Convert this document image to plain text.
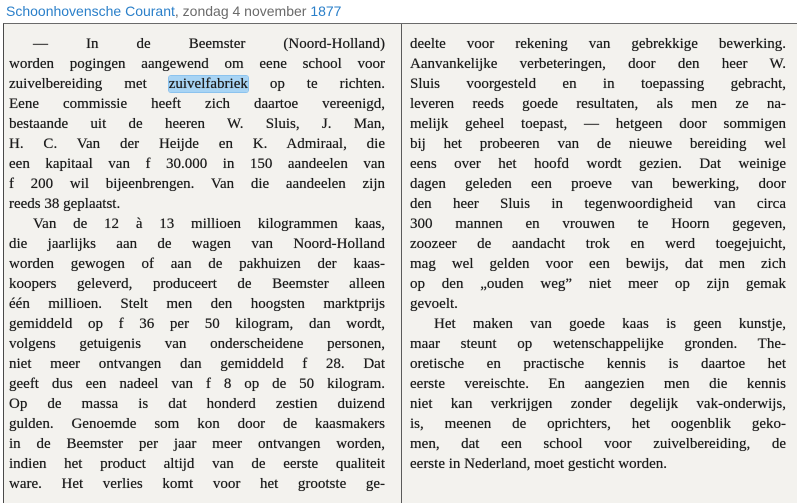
Schoonhovensche Courant, zondag 4 november 1877
— In de Beemster (Noord-Holland)
worden pogingen aangewend om eene school voor
zuivelbereiding met zuivelfabriek op te richten.
Eene commissie heeft zich daartoe vereenigd,
bestaande uit de heeren W. Sluis, J. Man,
H. C. Van der Heijde en K. Admiraal, die
een kapitaal van f 30.000 in 150 aandeelen van
f 200 wil bijeenbrengen. Van die aandeelen zijn
reeds 38 geplaatst.
Van de 12 à 13 millioen kilogrammen kaas,
die jaarlijks aan de wagen van Noord-Holland
worden gewogen of aan de pakhuizen der kaas-
koopers geleverd, produceert de Beemster alleen
één millioen. Stelt men den hoogsten marktprijs
gemiddeld op f 36 per 50 kilogram, dan wordt,
volgens getuigenis van onderscheidene personen,
niet meer ontvangen dan gemiddeld f 28. Dat
geeft dus een nadeel van f 8 op de 50 kilogram.
Op de massa is dat honderd zestien duizend
gulden. Genoemde som kon door de kaasmakers
in de Beemster per jaar meer ontvangen worden,
indien het product altijd van de eerste qualiteit
ware. Het verlies komt voor het grootste ge-
deelte voor rekening van gebrekkige bewerking.
Aanvankelijke verbeteringen, door den heer W.
Sluis voorgesteld en in toepassing gebracht,
leveren reeds goede resultaten, als men ze na-
melijk geheel toepast, — hetgeen door sommigen
bij het probeeren van de nieuwe bereiding wel
eens over het hoofd wordt gezien. Dat weinige
dagen geleden een proeve van bewerking, door
den heer Sluis in tegenwoordigheid van circa
300 mannen en vrouwen te Hoorn gegeven,
zoozeer de aandacht trok en werd toegejuicht,
mag wel gelden voor een bewijs, dat men zich
op den „ouden weg” niet meer op zijn gemak
gevoelt.
Het maken van goede kaas is geen kunstje,
maar steunt op wetenschappelijke gronden. The-
oretische en practische kennis is daartoe het
eerste vereischte. En aangezien men die kennis
niet kan verkrijgen zonder degelijk vak-onderwijs,
is, meenen de oprichters, het oogenblik geko-
men, dat een school voor zuivelbereiding, de
eerste in Nederland, moet gesticht worden.
